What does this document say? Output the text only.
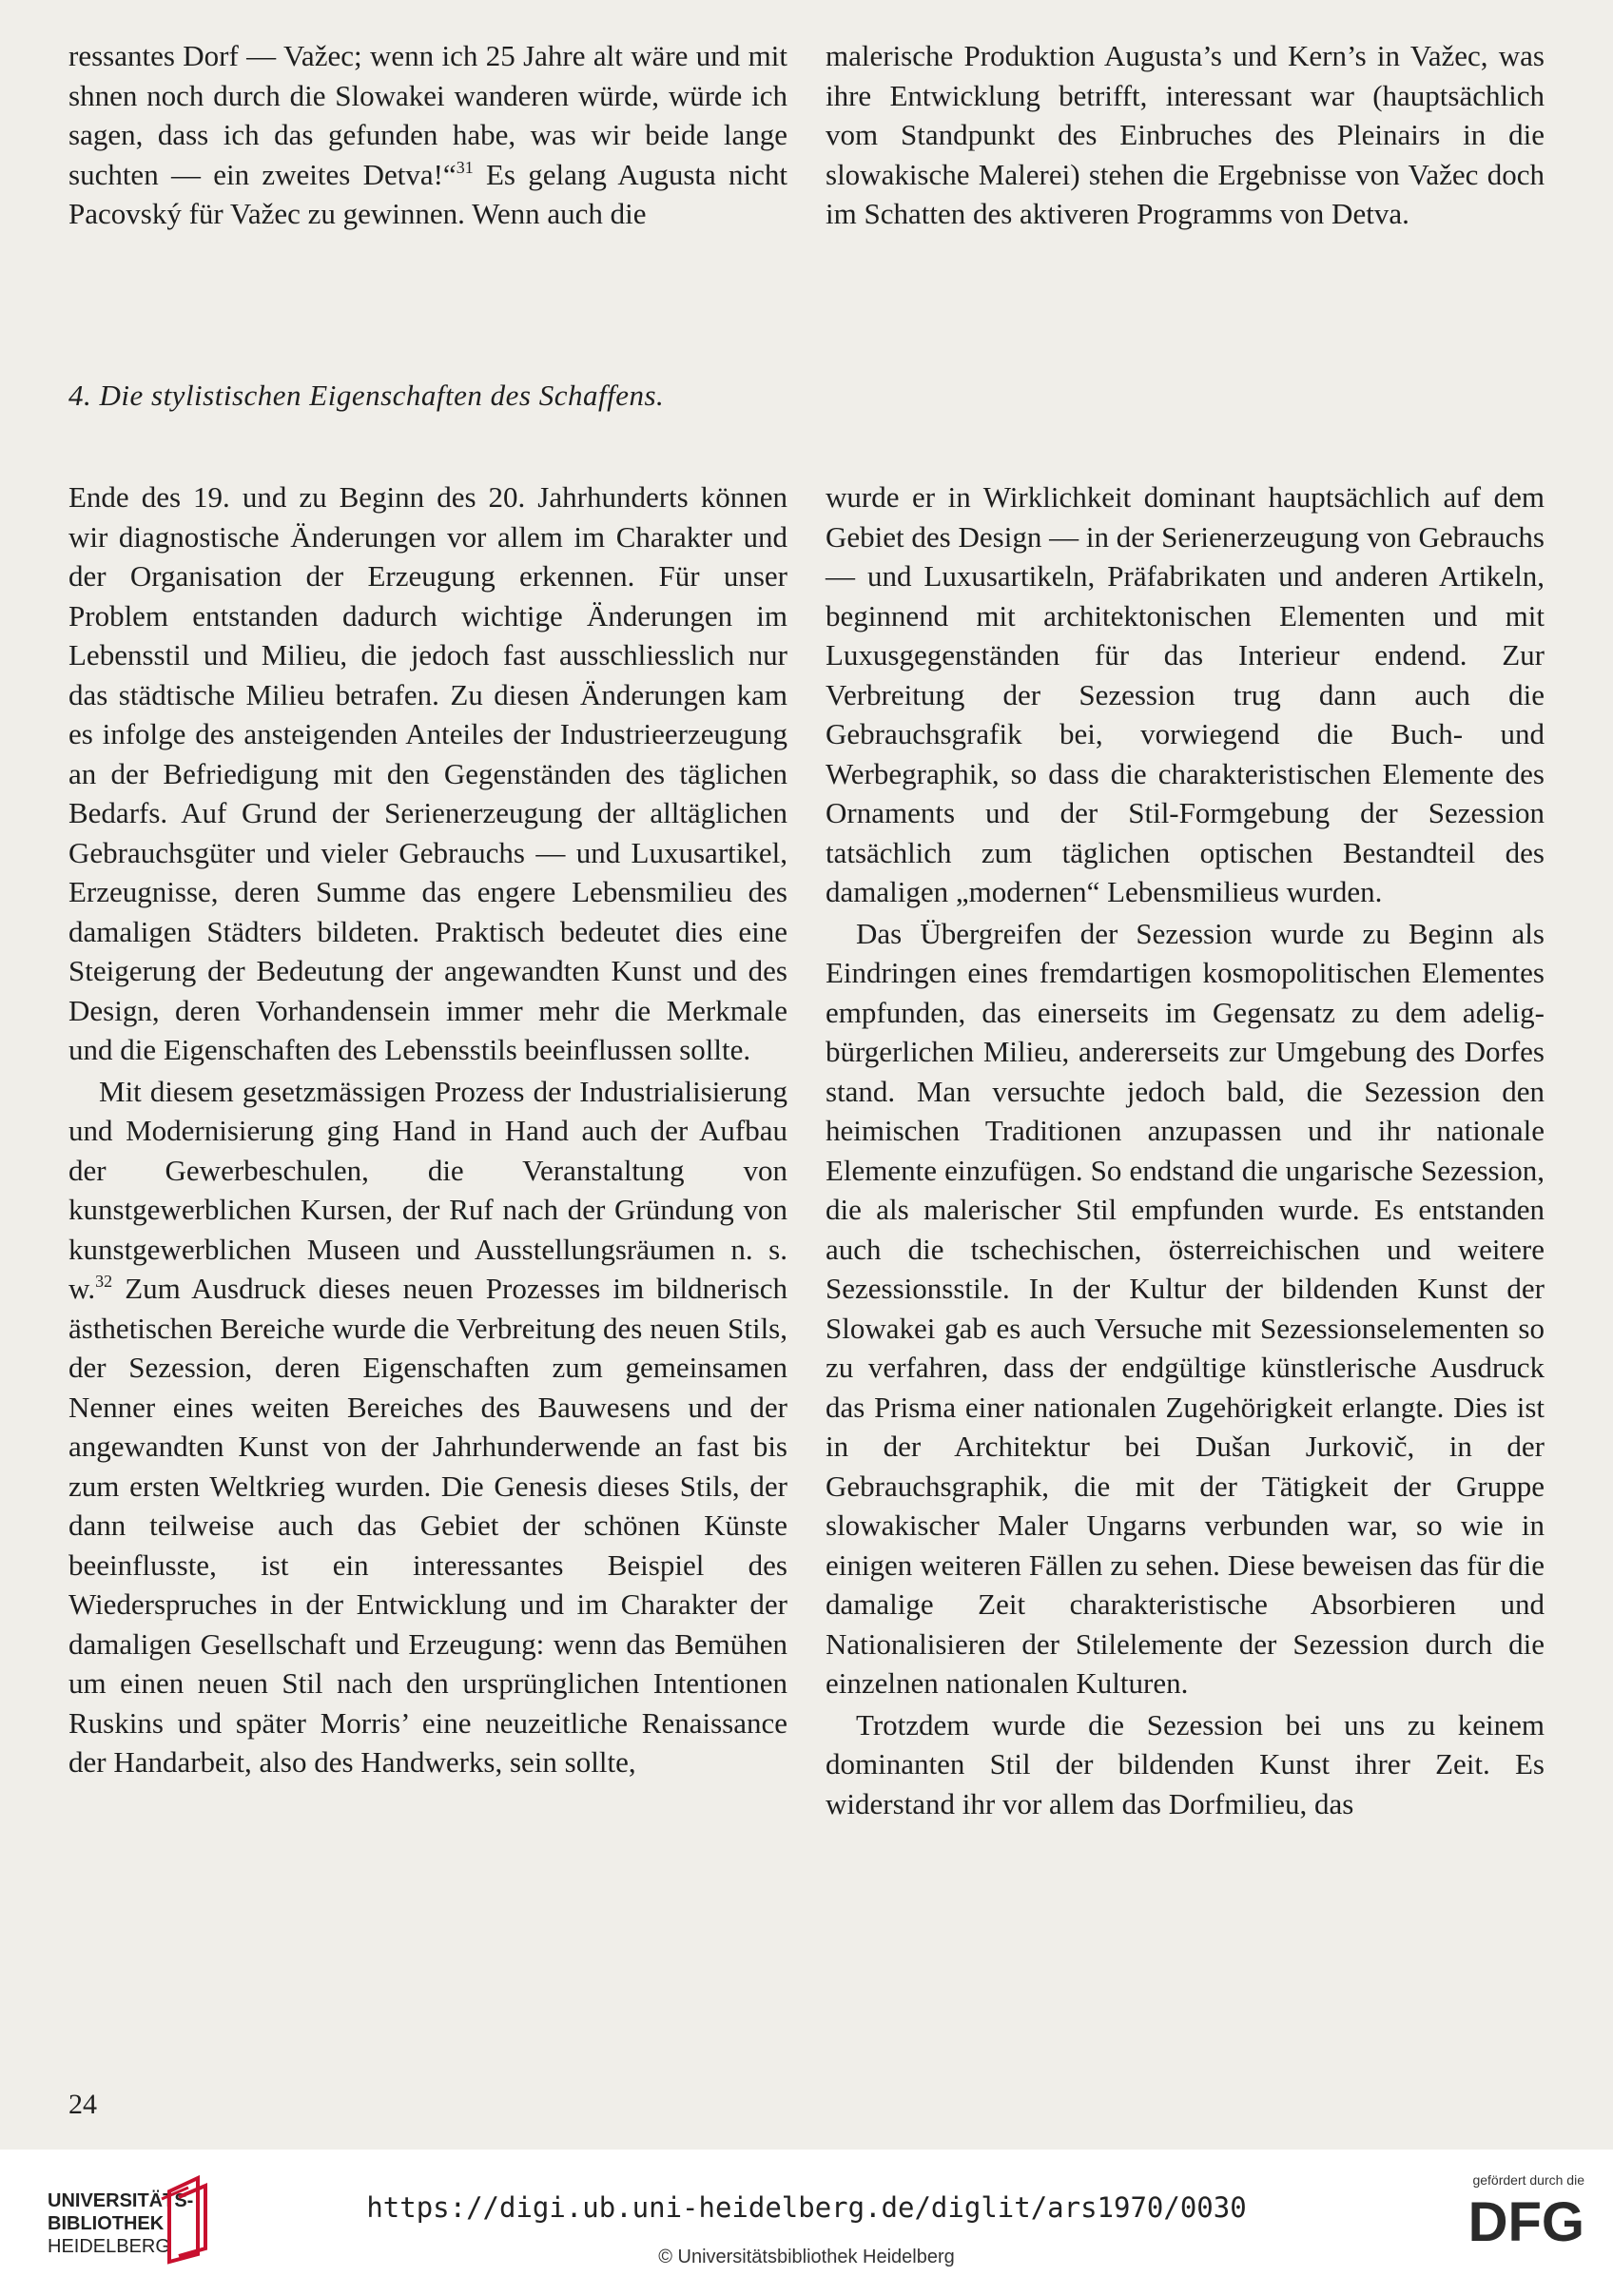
ressantes Dorf — Važec; wenn ich 25 Jahre alt wäre und mit shnen noch durch die Slowakei wanderen würde, würde ich sagen, dass ich das gefunden habe, was wir beide lange suchten — ein zweites Detva!“$^{31}$ Es gelang Augusta nicht Pacovský für Važec zu gewinnen. Wenn auch die

malerische Produktion Augusta’s und Kern’s in Važec, was ihre Entwicklung betrifft, interessant war (hauptsächlich vom Standpunkt des Einbruches des Pleinairs in die slowakische Malerei) stehen die Ergebnisse von Važec doch im Schatten des aktiveren Programms von Detva.

4. Die stylistischen Eigenschaften des Schaffens.

Ende des 19. und zu Beginn des 20. Jahrhunderts können wir diagnostische Änderungen vor allem im Charakter und der Organisation der Erzeugung erkennen. Für unser Problem entstanden dadurch wichtige Änderungen im Lebensstil und Milieu, die jedoch fast ausschliesslich nur das städtische Milieu betrafen. Zu diesen Änderungen kam es infolge des ansteigenden Anteiles der Industrieerzeugung an der Befriedigung mit den Gegenständen des täglichen Bedarfs. Auf Grund der Serienerzeugung der alltäglichen Gebrauchsgüter und vieler Gebrauchs — und Luxusartikel, Erzeugnisse, deren Summe das engere Lebensmilieu des damaligen Städters bildeten. Praktisch bedeutet dies eine Steigerung der Bedeutung der angewandten Kunst und des Design, deren Vorhandensein immer mehr die Merkmale und die Eigenschaften des Lebensstils beeinflussen sollte.

Mit diesem gesetzmässigen Prozess der Industrialisierung und Modernisierung ging Hand in Hand auch der Aufbau der Gewerbeschulen, die Veranstaltung von kunstgewerblichen Kursen, der Ruf nach der Gründung von kunstgewerblichen Museen und Ausstellungsräumen n. s. w.$^{32}$ Zum Ausdruck dieses neuen Prozesses im bildnerisch ästhetischen Bereiche wurde die Verbreitung des neuen Stils, der Sezession, deren Eigenschaften zum gemeinsamen Nenner eines weiten Bereiches des Bauwesens und der angewandten Kunst von der Jahrhunderwende an fast bis zum ersten Weltkrieg wurden. Die Genesis dieses Stils, der dann teilweise auch das Gebiet der schönen Künste beeinflusste, ist ein interessantes Beispiel des Wiederspruches in der Entwicklung und im Charakter der damaligen Gesellschaft und Erzeugung: wenn das Bemühen um einen neuen Stil nach den ursprünglichen Intentionen Ruskins und später Morris’ eine neuzeitliche Renaissance der Handarbeit, also des Handwerks, sein sollte,

wurde er in Wirklichkeit dominant hauptsächlich auf dem Gebiet des Design — in der Serienerzeugung von Gebrauchs— und Luxusartikeln, Präfabrikaten und anderen Artikeln, beginnend mit architektonischen Elementen und mit Luxusgegenständen für das Interieur endend. Zur Verbreitung der Sezession trug dann auch die Gebrauchsgrafik bei, vorwiegend die Buch- und Werbegraphik, so dass die charakteristischen Elemente des Ornaments und der Stil-Formgebung der Sezession tatsächlich zum täglichen optischen Bestandteil des damaligen „modernen“ Lebensmilieus wurden.

Das Übergreifen der Sezession wurde zu Beginn als Eindringen eines fremdartigen kosmopolitischen Elementes empfunden, das einerseits im Gegensatz zu dem adelig-bürgerlichen Milieu, andererseits zur Umgebung des Dorfes stand. Man versuchte jedoch bald, die Sezession den heimischen Traditionen anzupassen und ihr nationale Elemente einzufügen. So endstand die ungarische Sezession, die als malerischer Stil empfunden wurde. Es entstanden auch die tschechischen, österreichischen und weitere Sezessionsstile. In der Kultur der bildenden Kunst der Slowakei gab es auch Versuche mit Sezessionselementen so zu verfahren, dass der endgültige künstlerische Ausdruck das Prisma einer nationalen Zugehörigkeit erlangte. Dies ist in der Architektur bei Dušan Jurkovič, in der Gebrauchsgraphik, die mit der Tätigkeit der Gruppe slowakischer Maler Ungarns verbunden war, so wie in einigen weiteren Fällen zu sehen. Diese beweisen das für die damalige Zeit charakteristische Absorbieren und Nationalisieren der Stilelemente der Sezession durch die einzelnen nationalen Kulturen.

Trotzdem wurde die Sezession bei uns zu keinem dominanten Stil der bildenden Kunst ihrer Zeit. Es widerstand ihr vor allem das Dorfmilieu, das

24
UNIVERSITÄTS-
BIBLIOTHEK
HEIDELBERG
https://digi.ub.uni-heidelberg.de/diglit/ars1970/0030
© Universitätsbibliothek Heidelberg
gefördert durch die
DFG
